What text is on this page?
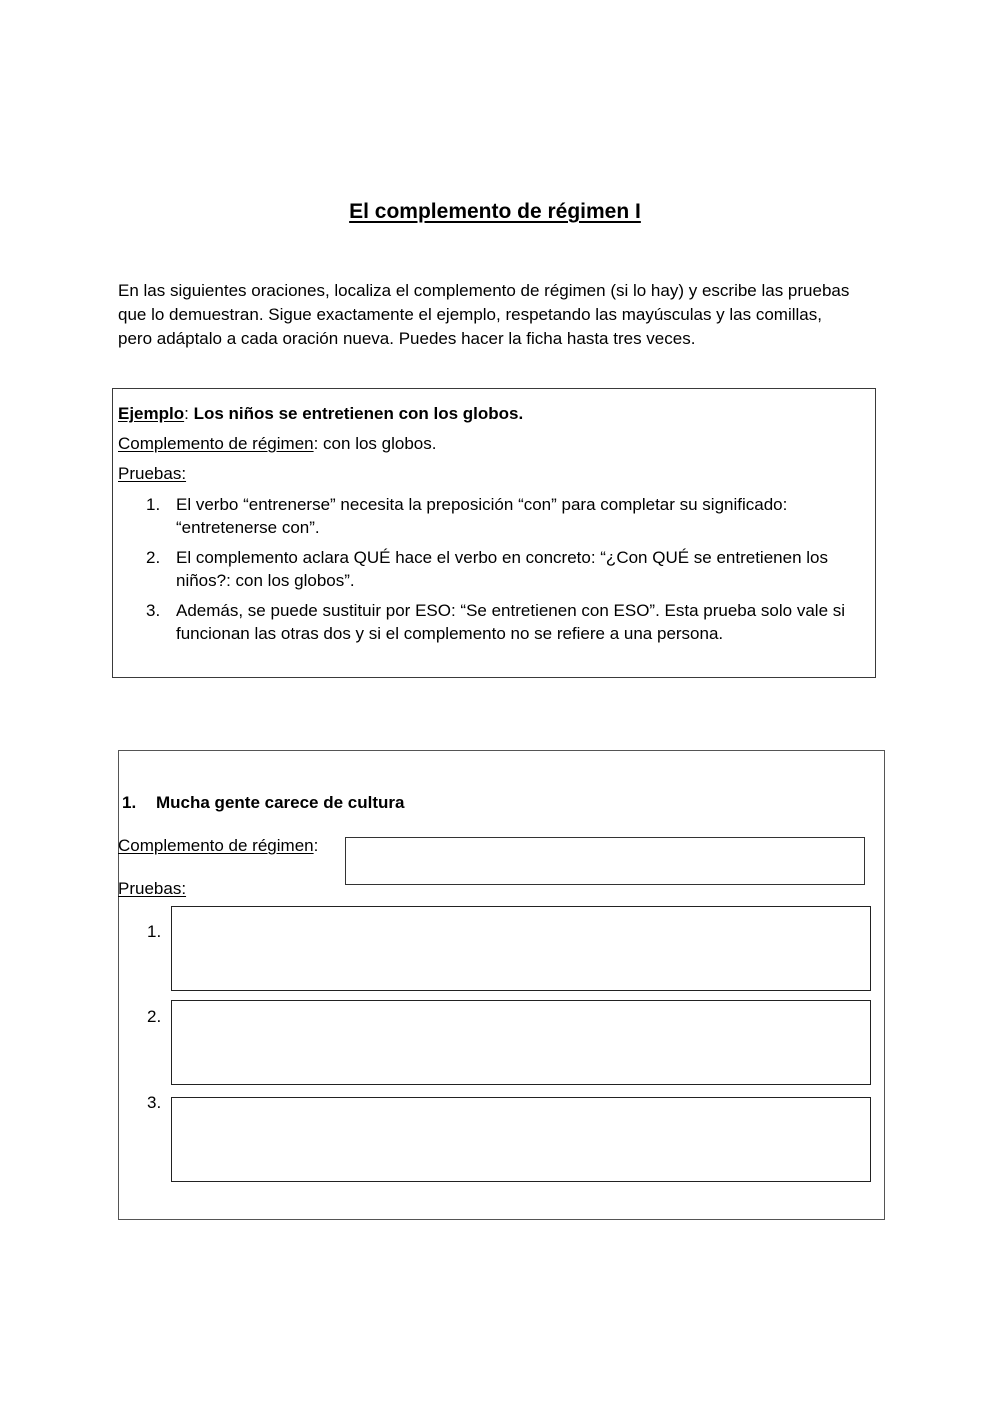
El complemento de régimen I

En las siguientes oraciones, localiza el complemento de régimen (si lo hay) y escribe las pruebas que lo demuestran. Sigue exactamente el ejemplo, respetando las mayúsculas y las comillas, pero adáptalo a cada oración nueva. Puedes hacer la ficha hasta tres veces.

Ejemplo: Los niños se entretienen con los globos.

Complemento de régimen: con los globos.

Pruebas:

1. El verbo “entrenerse” necesita la preposición “con” para completar su significado: “entretenerse con”.
2. El complemento aclara QUÉ hace el verbo en concreto: “¿Con QUÉ se entretienen los niños?: con los globos”.
3. Además, se puede sustituir por ESO: “Se entretienen con ESO”. Esta prueba solo vale si funcionan las otras dos y si el complemento no se refiere a una persona.

1. Mucha gente carece de cultura

Complemento de régimen:

Pruebas:

1.

2.

3.
